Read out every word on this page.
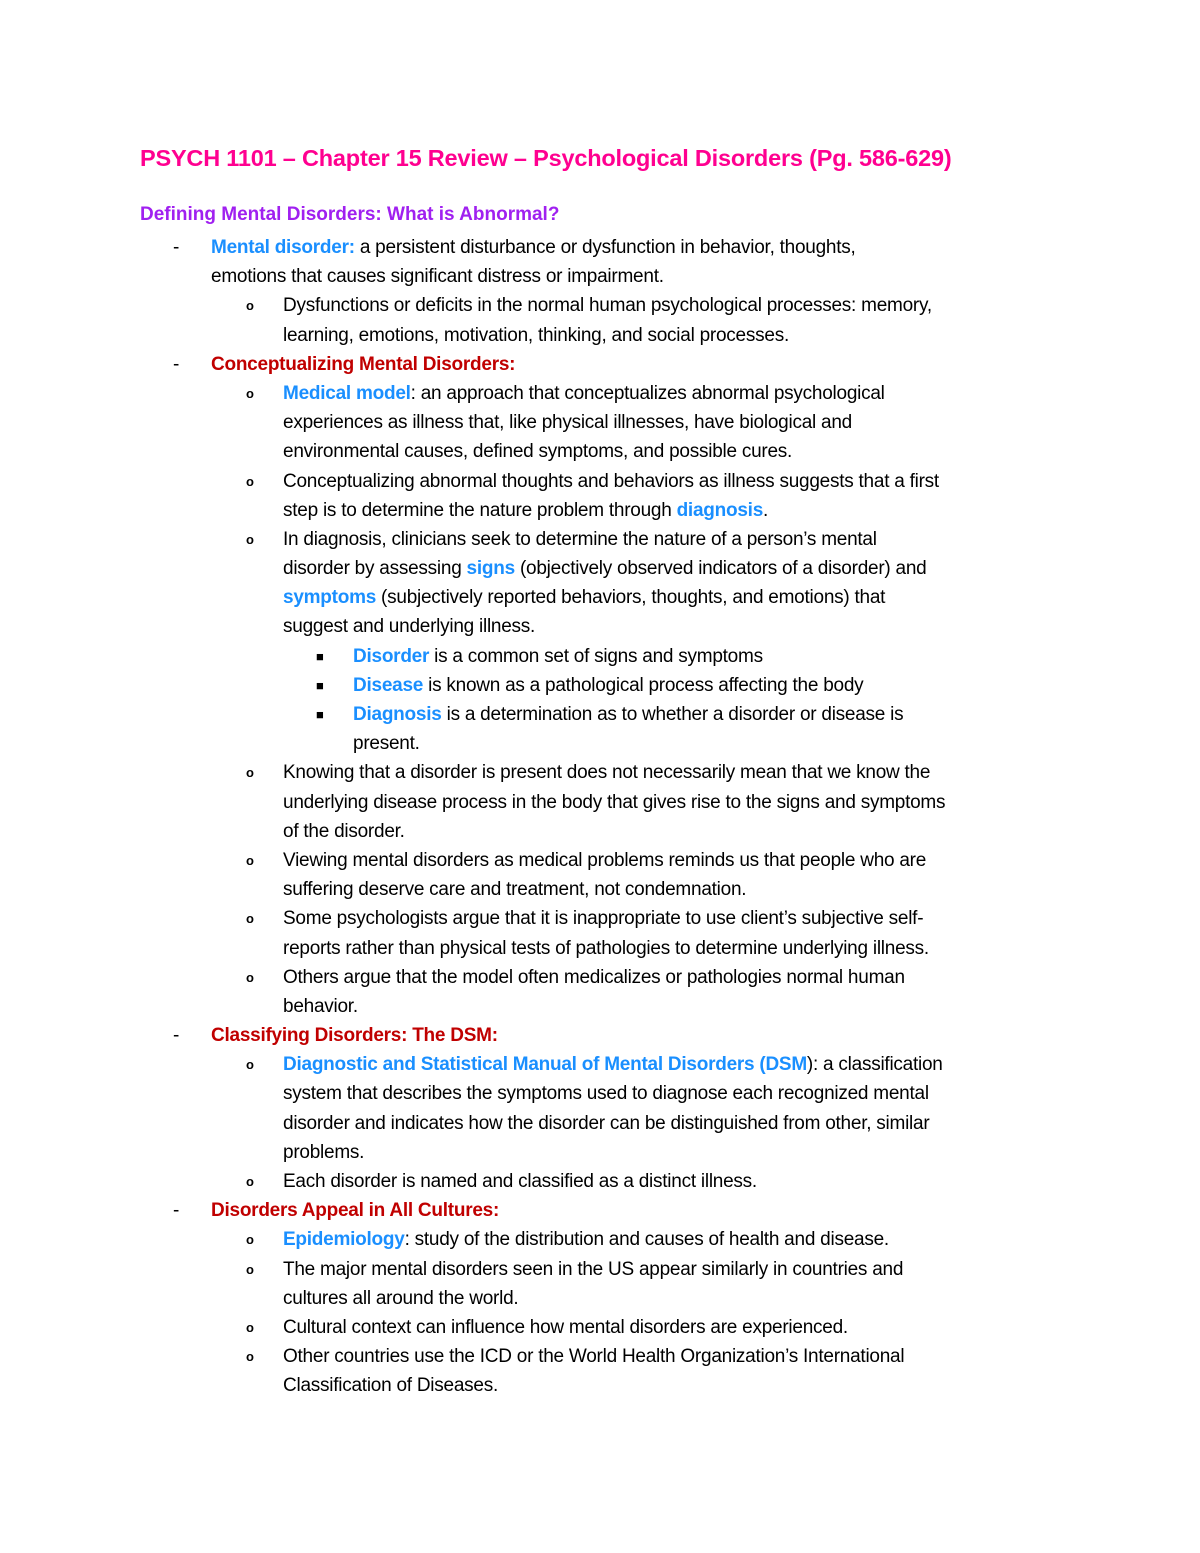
PSYCH 1101 – Chapter 15 Review – Psychological Disorders (Pg. 586-629)
Defining Mental Disorders: What is Abnormal?
- Mental disorder: a persistent disturbance or dysfunction in behavior, thoughts,
emotions that causes significant distress or impairment.
o Dysfunctions or deficits in the normal human psychological processes: memory,
learning, emotions, motivation, thinking, and social processes.
- Conceptualizing Mental Disorders:
o Medical model: an approach that conceptualizes abnormal psychological
experiences as illness that, like physical illnesses, have biological and
environmental causes, defined symptoms, and possible cures.
o Conceptualizing abnormal thoughts and behaviors as illness suggests that a first
step is to determine the nature problem through diagnosis.
o In diagnosis, clinicians seek to determine the nature of a person’s mental
disorder by assessing signs (objectively observed indicators of a disorder) and
symptoms (subjectively reported behaviors, thoughts, and emotions) that
suggest and underlying illness.
■ Disorder is a common set of signs and symptoms
■ Disease is known as a pathological process affecting the body
■ Diagnosis is a determination as to whether a disorder or disease is
present.
o Knowing that a disorder is present does not necessarily mean that we know the
underlying disease process in the body that gives rise to the signs and symptoms
of the disorder.
o Viewing mental disorders as medical problems reminds us that people who are
suffering deserve care and treatment, not condemnation.
o Some psychologists argue that it is inappropriate to use client’s subjective self-
reports rather than physical tests of pathologies to determine underlying illness.
o Others argue that the model often medicalizes or pathologies normal human
behavior.
- Classifying Disorders: The DSM:
o Diagnostic and Statistical Manual of Mental Disorders (DSM): a classification
system that describes the symptoms used to diagnose each recognized mental
disorder and indicates how the disorder can be distinguished from other, similar
problems.
o Each disorder is named and classified as a distinct illness.
- Disorders Appeal in All Cultures:
o Epidemiology: study of the distribution and causes of health and disease.
o The major mental disorders seen in the US appear similarly in countries and
cultures all around the world.
o Cultural context can influence how mental disorders are experienced.
o Other countries use the ICD or the World Health Organization’s International
Classification of Diseases.
